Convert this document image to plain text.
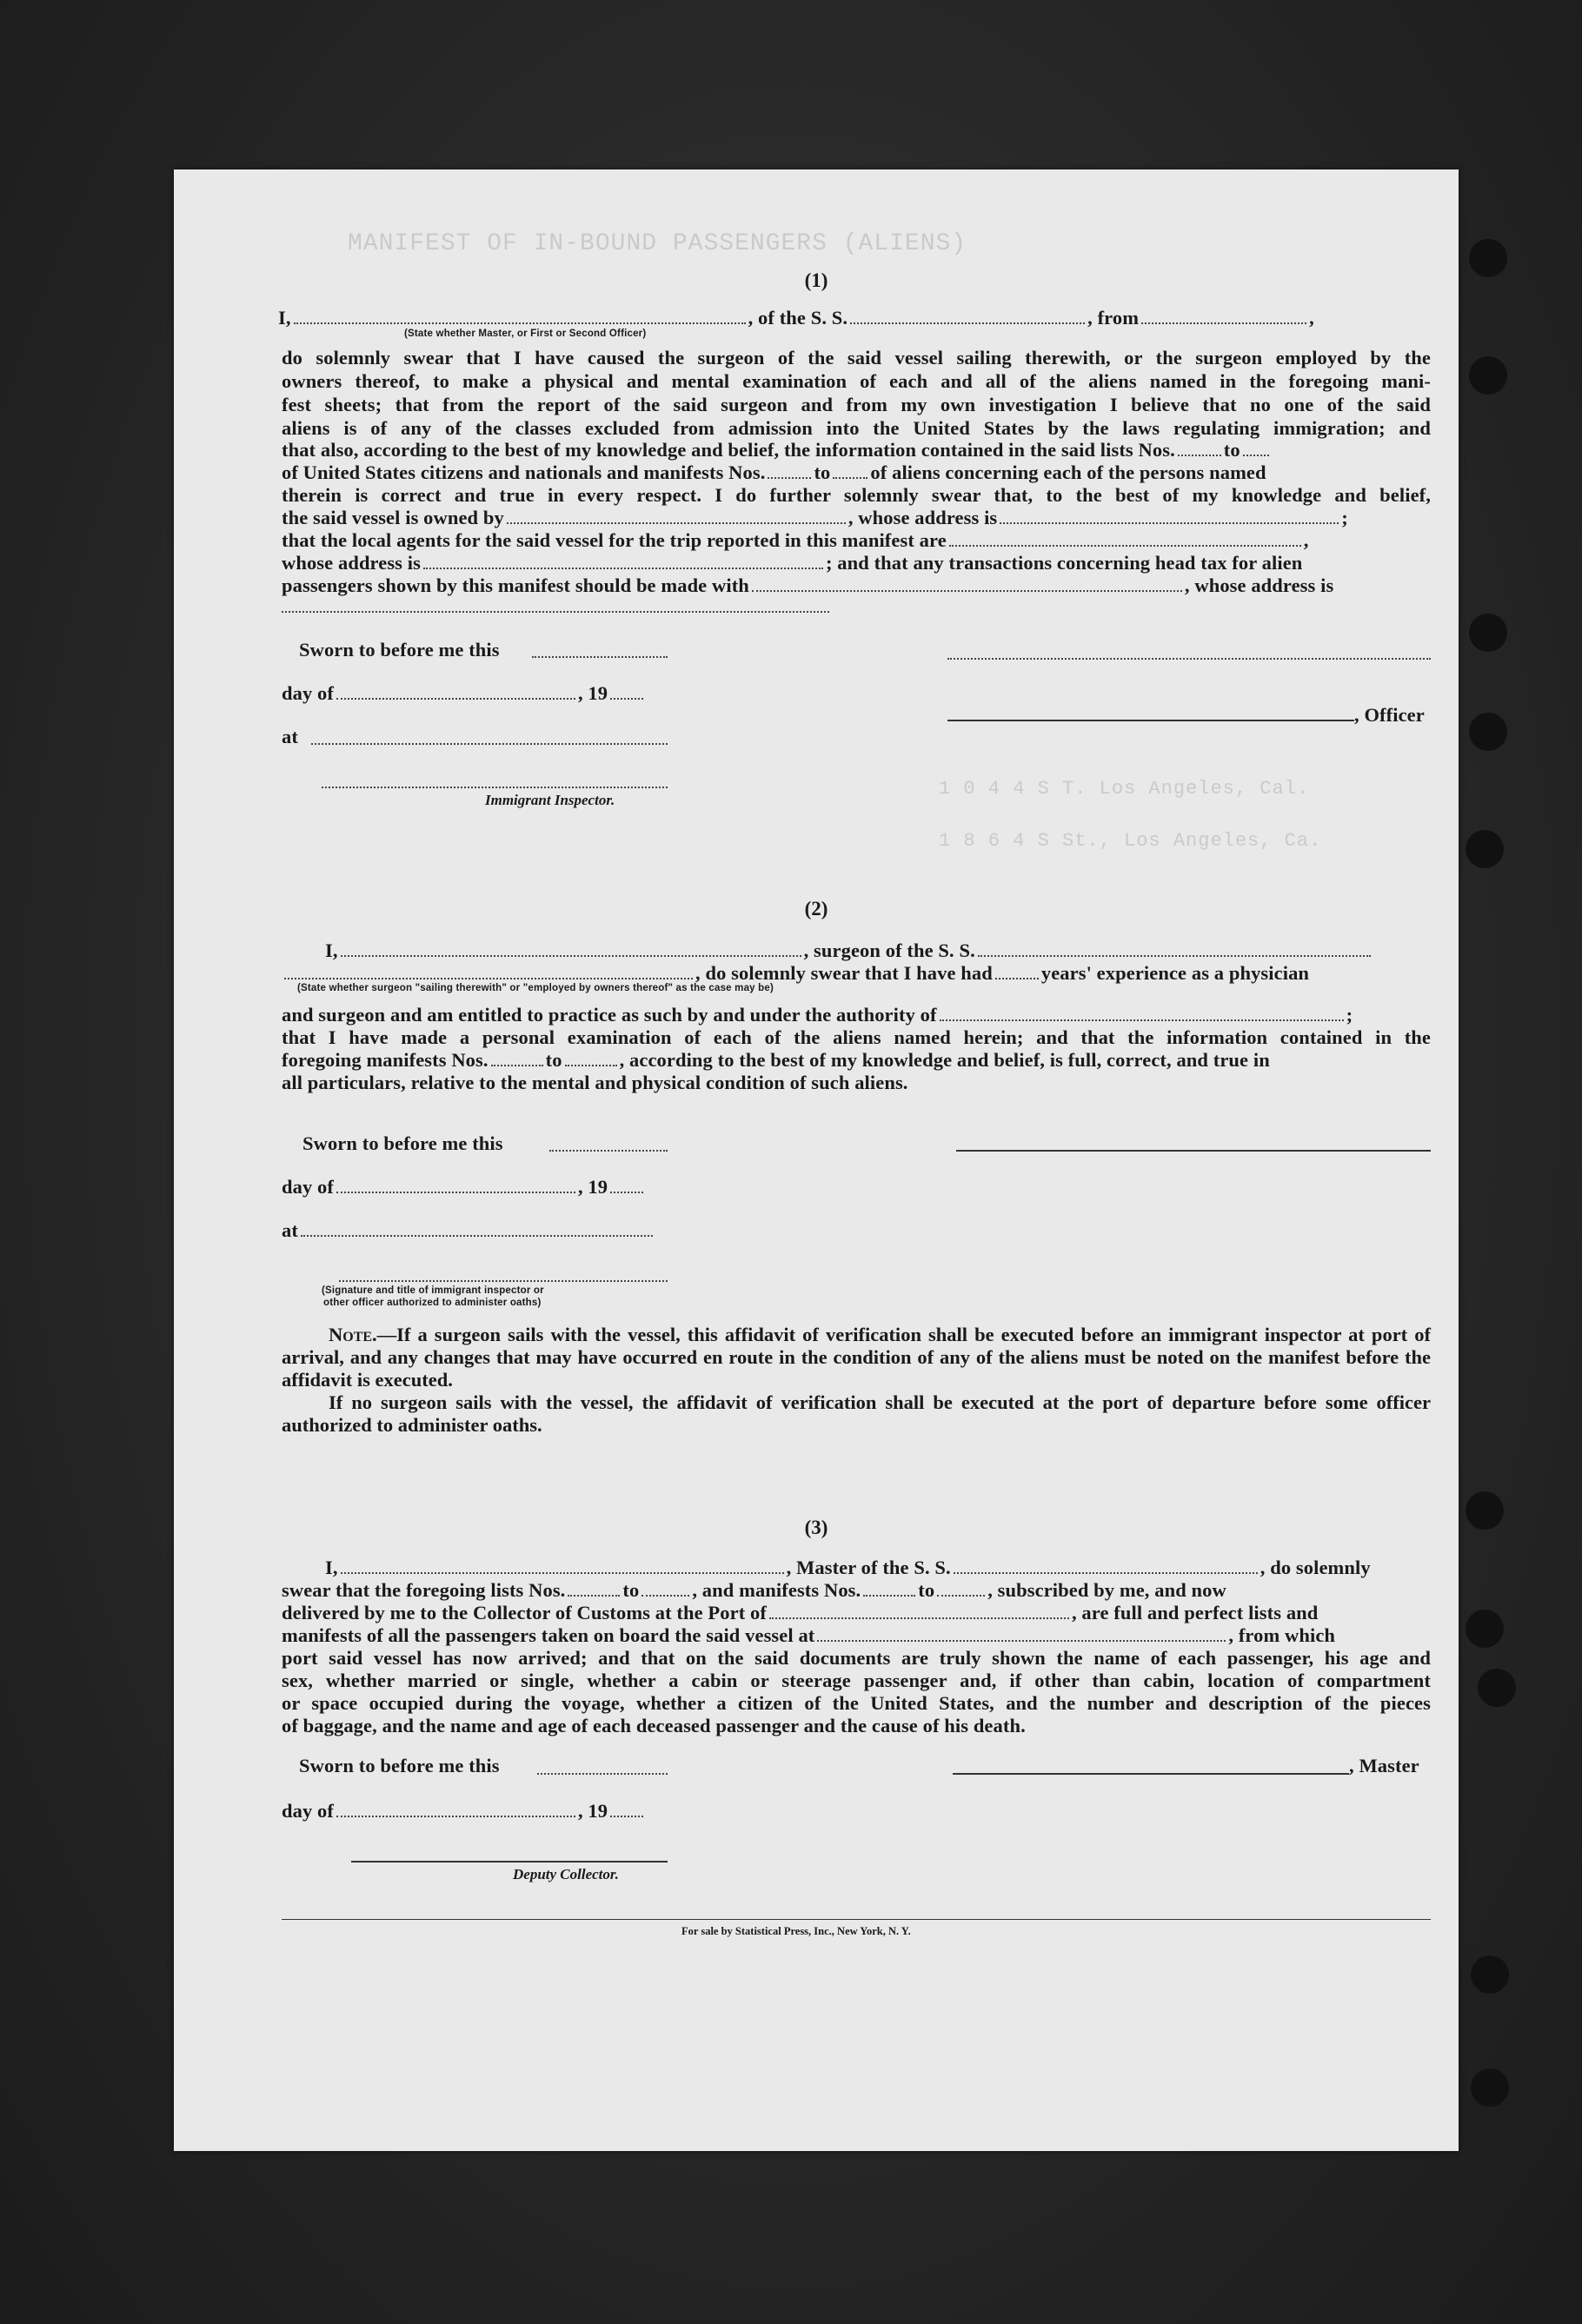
MANIFEST OF IN-BOUND PASSENGERS (ALIENS)
1 0 4 4 S T. Los Angeles, Cal.
1 8 6 4 S St., Los Angeles, Ca.
(1)
I,	, of the S. S.	, from	,
(State whether Master, or First or Second Officer)
do solemnly swear that I have caused the surgeon of the said vessel sailing therewith, or the surgeon employed by the
owners thereof, to make a physical and mental examination of each and all of the aliens named in the foregoing mani-
fest sheets; that from the report of the said surgeon and from my own investigation I believe that no one of the said
aliens is of any of the classes excluded from admission into the United States by the laws regulating immigration; and
that also, according to the best of my knowledge and belief, the information contained in the said lists Nos. to
of United States citizens and nationals and manifests Nos. to of aliens concerning each of the persons named
therein is correct and true in every respect. I do further solemnly swear that, to the best of my knowledge and belief,
the said vessel is owned by	, whose address is	;
that the local agents for the said vessel for the trip reported in this manifest are	,
whose address is	; and that any transactions concerning head tax for alien
passengers shown by this manifest should be made with	, whose address is
Sworn to before me this
day of	, 19
at
, Officer
Immigrant Inspector.
(2)
I,	, surgeon of the S. S.
, do solemnly swear that I have had years' experience as a physician
(State whether surgeon "sailing therewith" or "employed by owners thereof" as the case may be)
and surgeon and am entitled to practice as such by and under the authority of	;
that I have made a personal examination of each of the aliens named herein; and that the information contained in the
foregoing manifests Nos.	to	, according to the best of my knowledge and belief, is full, correct, and true in
all particulars, relative to the mental and physical condition of such aliens.
Sworn to before me this
day of	, 19
at
(Signature and title of immigrant inspector or
other officer authorized to administer oaths)
Note.—If a surgeon sails with the vessel, this affidavit of verification shall be executed before an immigrant inspector at port of arrival, and any changes that may have occurred en route in the condition of any of the aliens must be noted on the manifest before the affidavit is executed.
If no surgeon sails with the vessel, the affidavit of verification shall be executed at the port of departure before some officer authorized to administer oaths.
(3)
I,	, Master of the S. S.	, do solemnly
swear that the foregoing lists Nos.	to	, and manifests Nos.	to	, subscribed by me, and now
delivered by me to the Collector of Customs at the Port of	, are full and perfect lists and
manifests of all the passengers taken on board the said vessel at	, from which
port said vessel has now arrived; and that on the said documents are truly shown the name of each passenger, his age and
sex, whether married or single, whether a cabin or steerage passenger and, if other than cabin, location of compartment
or space occupied during the voyage, whether a citizen of the United States, and the number and description of the pieces
of baggage, and the name and age of each deceased passenger and the cause of his death.
Sworn to before me this	, Master
day of	, 19
Deputy Collector.
For sale by Statistical Press, Inc., New York, N. Y.
